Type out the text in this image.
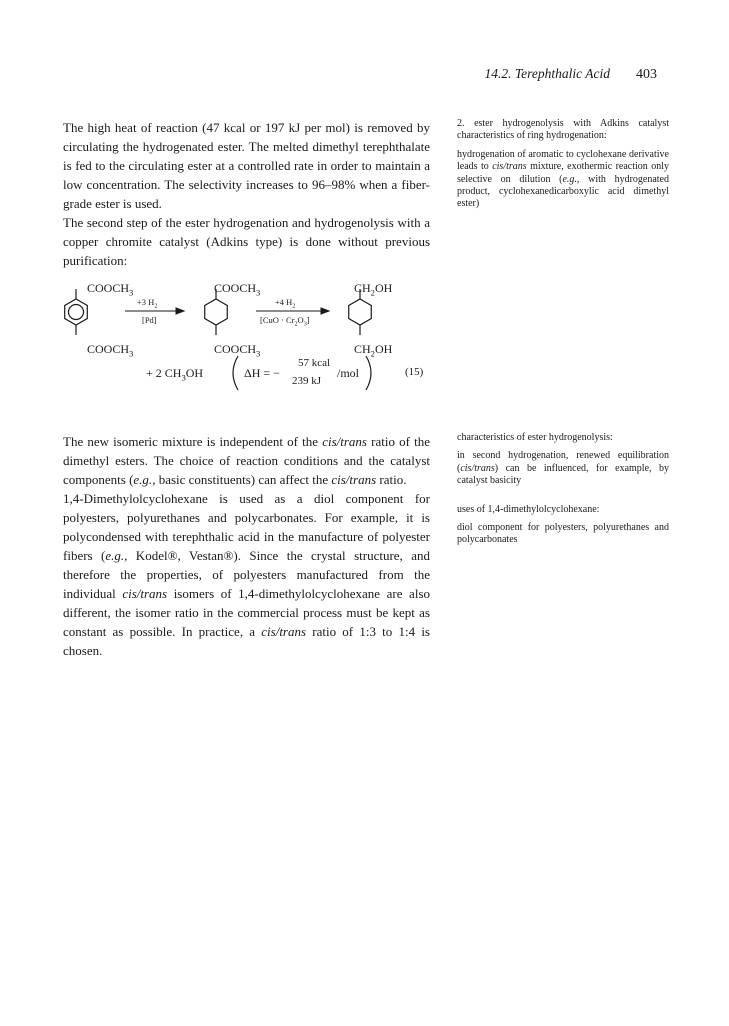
14.2. Terephthalic Acid 403

The high heat of reaction (47 kcal or 197 kJ per mol) is removed by circulating the hydrogenated ester. The melted dimethyl terephthalate is fed to the circulating ester at a controlled rate in order to maintain a low concentration. The selectivity increases to 96–98% when a fiber-grade ester is used.

The second step of the ester hydrogenation and hydrogenolysis with a copper chromite catalyst (Adkins type) is done without previous purification:

2. ester hydrogenolysis with Adkins catalyst characteristics of ring hydrogenation:

hydrogenation of aromatic to cyclohexane derivative leads to cis/trans mixture, exothermic reaction only selective on dilution (e.g., with hydrogenated product, cyclohexanedicarboxylic acid dimethyl ester)

$COOCH_3$
$COOCH_3$
+3 $H_2$
[Pd]
$COOCH_3$
$COOCH_3$
+4 $H_2$
$[CuO \cdot Cr_2O_3]$
$CH_2OH$
$CH_2OH$
+ 2 $CH_3OH$	ΔH = −
57 kcal
239 kJ
/mol	(15)

The new isomeric mixture is independent of the cis/trans ratio of the dimethyl esters. The choice of reaction conditions and the catalyst components (e.g., basic constituents) can affect the cis/trans ratio.

1,4-Dimethylolcyclohexane is used as a diol component for polyesters, polyurethanes and polycarbonates. For example, it is polycondensed with terephthalic acid in the manufacture of polyester fibers (e.g., Kodel®, Vestan®). Since the crystal structure, and therefore the properties, of polyesters manufactured from the individual cis/trans isomers of 1,4-dimethylolcyclohexane are also different, the isomer ratio in the commercial process must be kept as constant as possible. In practice, a cis/trans ratio of 1:3 to 1:4 is chosen.

characteristics of ester hydrogenolysis:

in second hydrogenation, renewed equilibration (cis/trans) can be influenced, for example, by catalyst basicity

uses of 1,4-dimethylolcyclohexane:

diol component for polyesters, polyurethanes and polycarbonates
